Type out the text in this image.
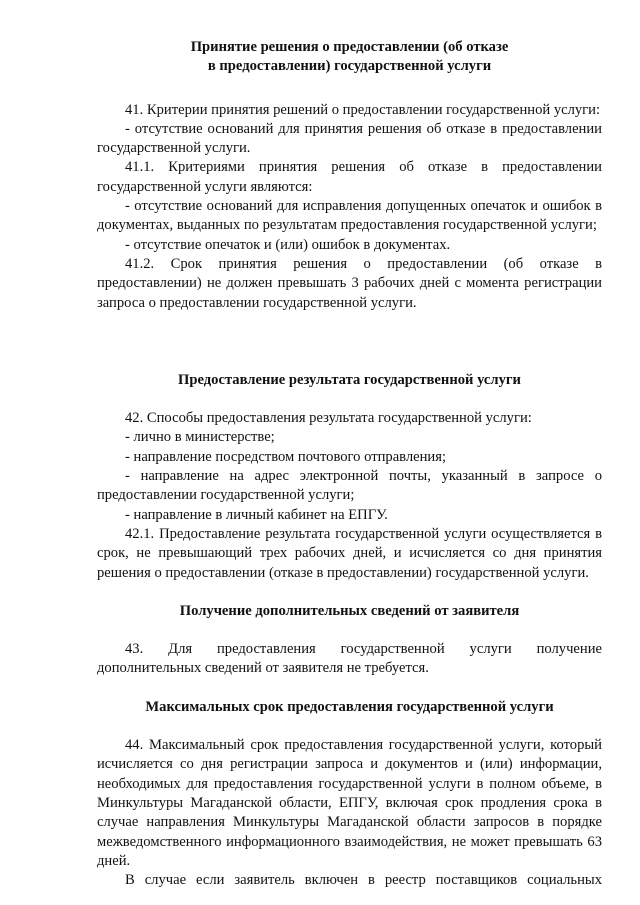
Принятие решения о предоставлении (об отказе
в предоставлении) государственной услуги

41. Критерии принятия решений о предоставлении государственной услуги:

- отсутствие оснований для принятия решения об отказе в предоставлении государственной услуги.

41.1. Критериями принятия решения об отказе в предоставлении государственной услуги являются:

- отсутствие оснований для исправления допущенных опечаток и ошибок в документах, выданных по результатам предоставления государственной услуги;

- отсутствие опечаток и (или) ошибок в документах.

41.2. Срок принятия решения о предоставлении (об отказе в предоставлении) не должен превышать 3 рабочих дней с момента регистрации запроса о предоставлении государственной услуги.

Предоставление результата государственной услуги

42. Способы предоставления результата государственной услуги:

- лично в министерстве;

- направление посредством почтового отправления;

- направление на адрес электронной почты, указанный в запросе о предоставлении государственной услуги;

- направление в личный кабинет на ЕПГУ.

42.1. Предоставление результата государственной услуги осуществляется в срок, не превышающий трех рабочих дней, и исчисляется со дня принятия решения о предоставлении (отказе в предоставлении) государственной услуги.

Получение дополнительных сведений от заявителя

43. Для предоставления государственной услуги получение дополнительных сведений от заявителя не требуется.

Максимальных срок предоставления государственной услуги

44. Максимальный срок предоставления государственной услуги, который исчисляется со дня регистрации запроса и документов и (или) информации, необходимых для предоставления государственной услуги в полном объеме, в Минкультуры Магаданской области, ЕПГУ, включая срок продления срока в случае направления Минкультуры Магаданской области запросов в порядке межведомственного информационного взаимодействия, не может превышать 63 дней.

В случае если заявитель включен в реестр поставщиков социальных
